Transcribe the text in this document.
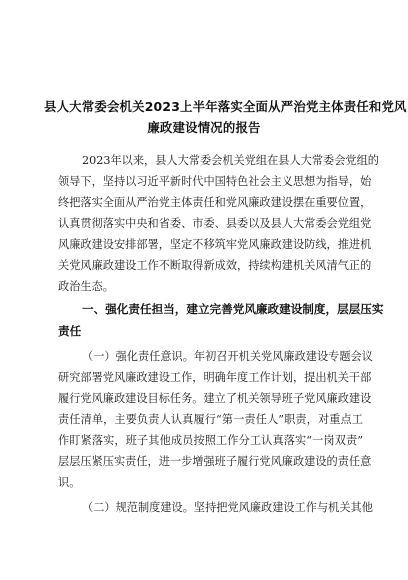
县人大常委会机关2023上半年落实全面从严治党主体责任和党风
廉政建设情况的报告
2023年以来，县人大常委会机关党组在县人大常委会党组的
领导下，坚持以习近平新时代中国特色社会主义思想为指导，始
终把落实全面从严治党主体责任和党风廉政建设摆在重要位置，
认真贯彻落实中央和省委、市委、县委以及县人大常委会党组党
风廉政建设安排部署，坚定不移筑牢党风廉政建设防线，推进机
关党风廉政建设工作不断取得新成效，持续构建机关风清气正的
政治生态。
一、强化责任担当，建立完善党风廉政建设制度，层层压实
责任
（一）强化责任意识。年初召开机关党风廉政建设专题会议
研究部署党风廉政建设工作，明确年度工作计划，提出机关干部
履行党风廉政建设目标任务。建立了机关领导班子党风廉政建设
责任清单，主要负责人认真履行“第一责任人”职责，对重点工
作盯紧落实，班子其他成员按照工作分工认真落实“一岗双责”
层层压紧压实责任，进一步增强班子履行党风廉政建设的责任意
识。
（二）规范制度建设。坚持把党风廉政建设工作与机关其他
